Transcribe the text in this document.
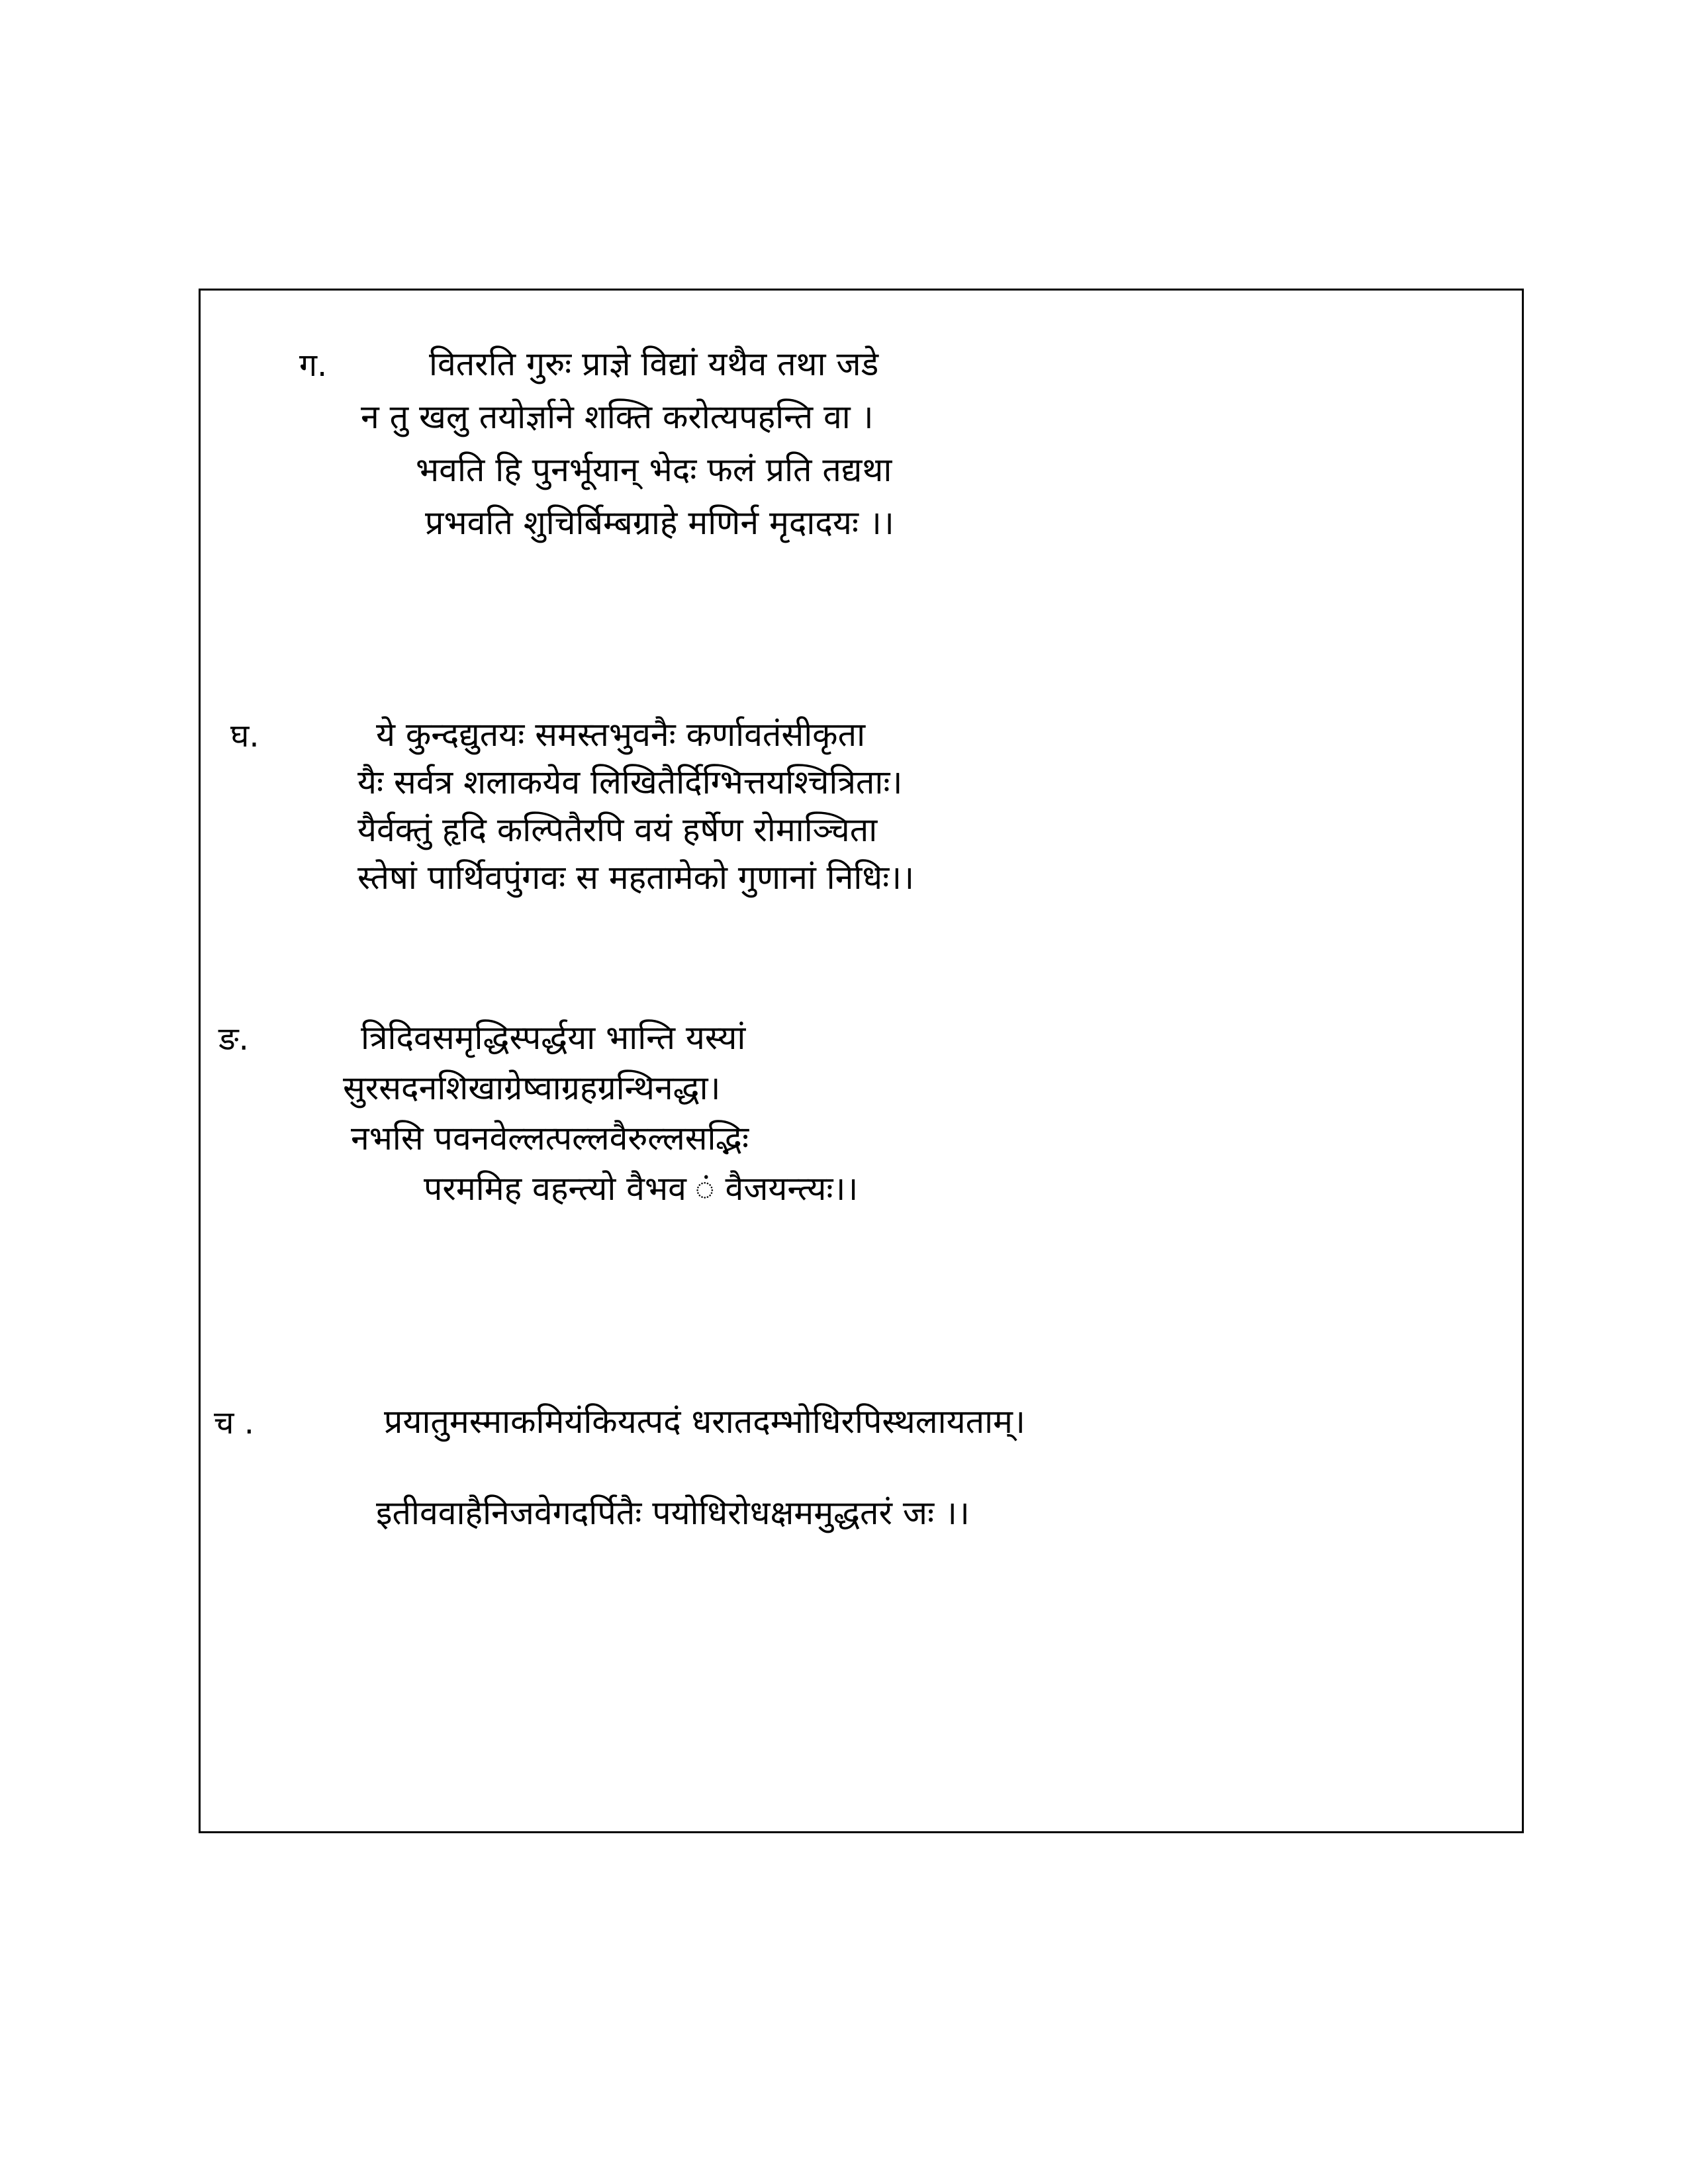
ग.	वितरति गुरुः प्राज्ञे विद्यां यथैव तथा जडे
न तु खलु तयोर्ज्ञाने शक्ति करोत्यपहन्ति वा ।
भवति हि पुनर्भूयान् भेदः फलं प्रति तद्यथा
प्रभवति शुचिर्बिम्बग्राहे मणिर्न मृदादयः ।।
घ.	ये कुन्दद्युतयः समस्तभुवनैः कर्णावतंसीकृता
यैः सर्वत्र शलाकयेव लिखितैर्दिग्भित्तयश्चित्रिताः।
यैर्वक्तुं हृदि कल्पितैरपि वयं हर्षेण रोमाञ्चिता
स्तेषां पार्थिवपुंगवः स महतामेको गुणानां निधिः।।
ङ.	त्रिदिवसमृद्धिस्पर्द्धया भान्ति यस्यां
सुरसदनशिखाग्रेष्वाग्रहग्रन्थिनद्धा।
नभसि पवनवेल्लत्पल्लवैरुल्लसद्भिः
परममिह वहन्त्यो वैभव ं वैजयन्त्यः।।
च .	प्रयातुमस्माकमियंकियत्पदं धरातदम्भोधिरपिस्थलायताम्।
इतीववाहैनिजवेगदर्पितैः पयोधिरोधक्षममुद्धतरं जः ।।
